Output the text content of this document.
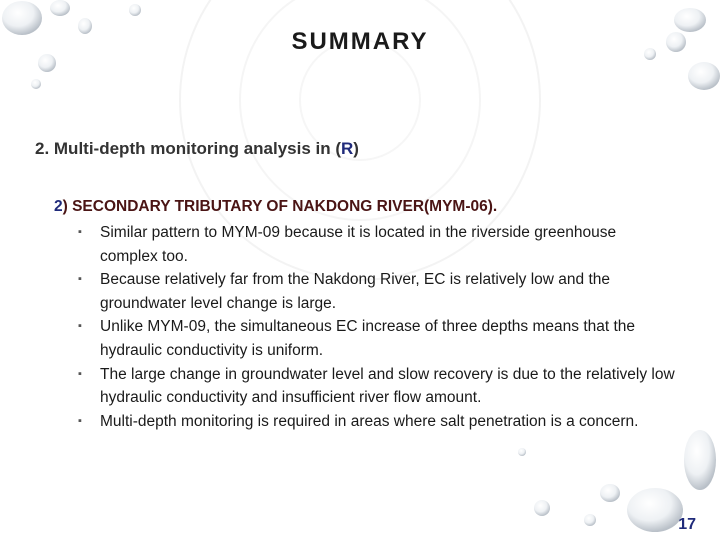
SUMMARY
2. Multi-depth monitoring analysis in (R)
2) SECONDARY TRIBUTARY OF NAKDONG RIVER(MYM-06).
▪ Similar pattern to MYM-09 because it is located in the riverside greenhouse complex too.
▪ Because relatively far from the Nakdong River, EC is relatively low and the groundwater level change is large.
▪ Unlike MYM-09, the simultaneous EC increase of three depths means that the hydraulic conductivity is uniform.
▪ The large change in groundwater level and slow recovery is due to the relatively low hydraulic conductivity and insufficient river flow amount.
▪ Multi-depth monitoring is required in areas where salt penetration is a concern.
17
